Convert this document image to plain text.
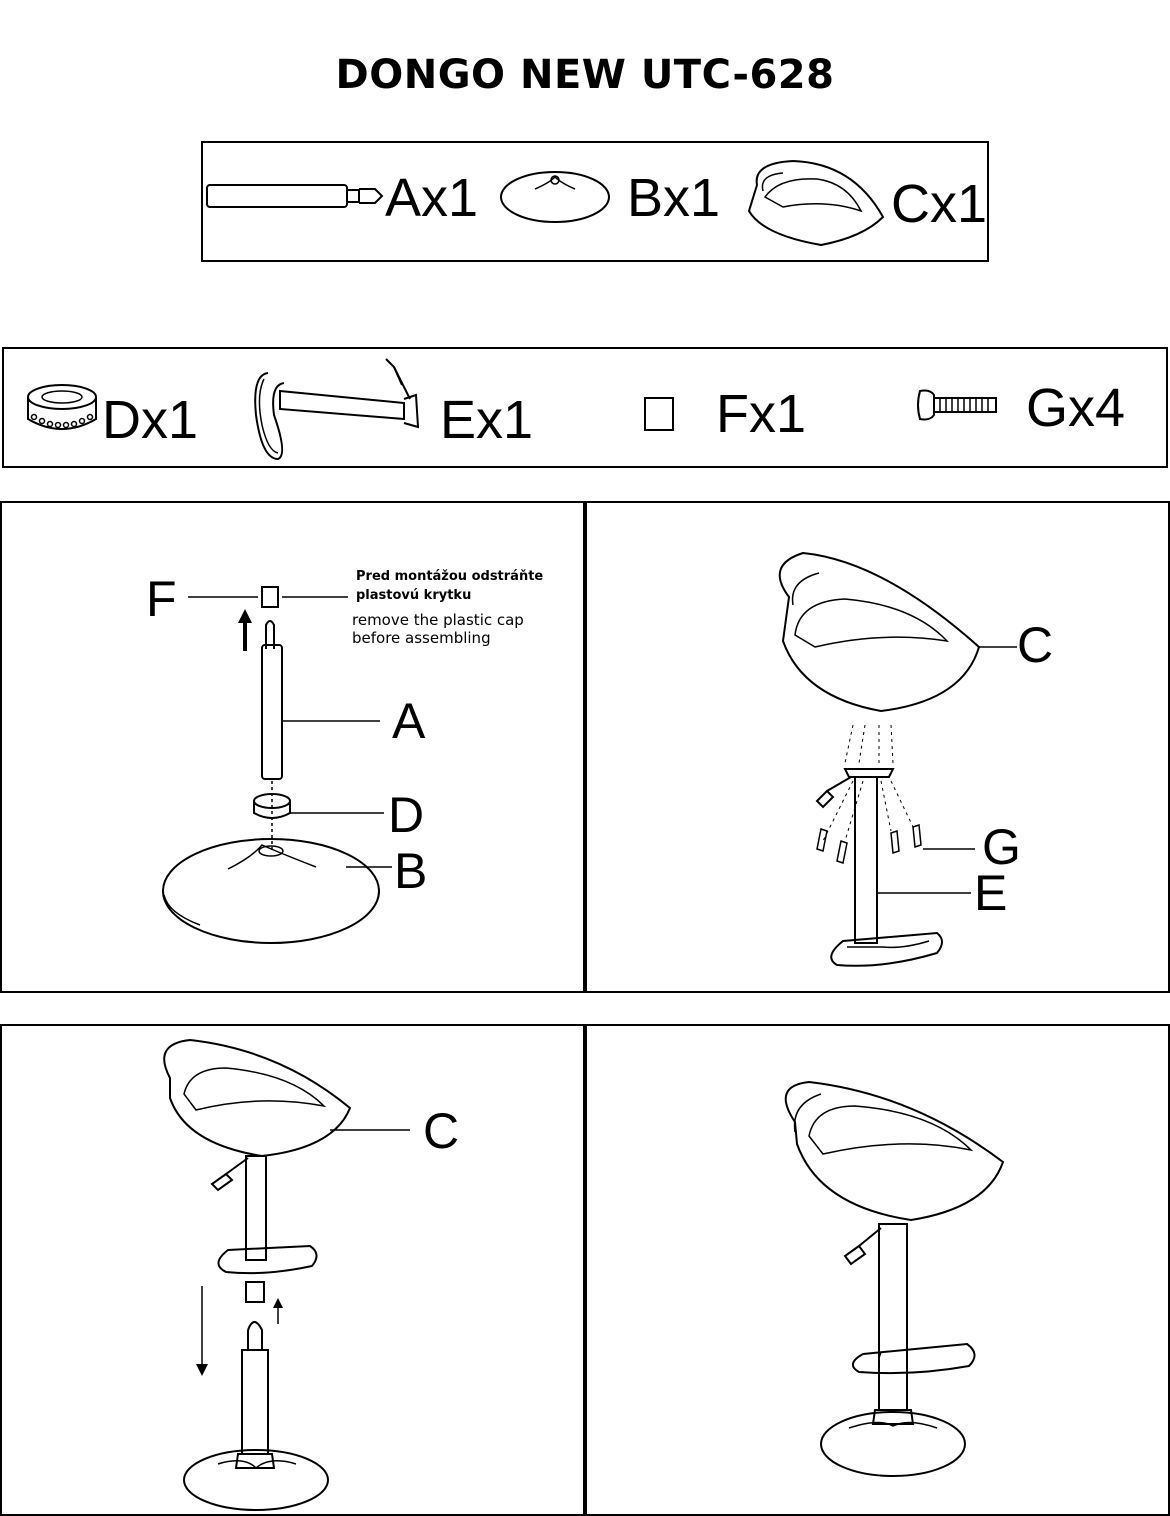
DONGO NEW UTC-628
Ax1	Bx1	Cx1
Dx1	Ex1	Fx1	Gx4
F
A
D
B
Pred montážou odstráňte
plastovú krytku
remove the plastic cap
before assembling	C
G
E
C
